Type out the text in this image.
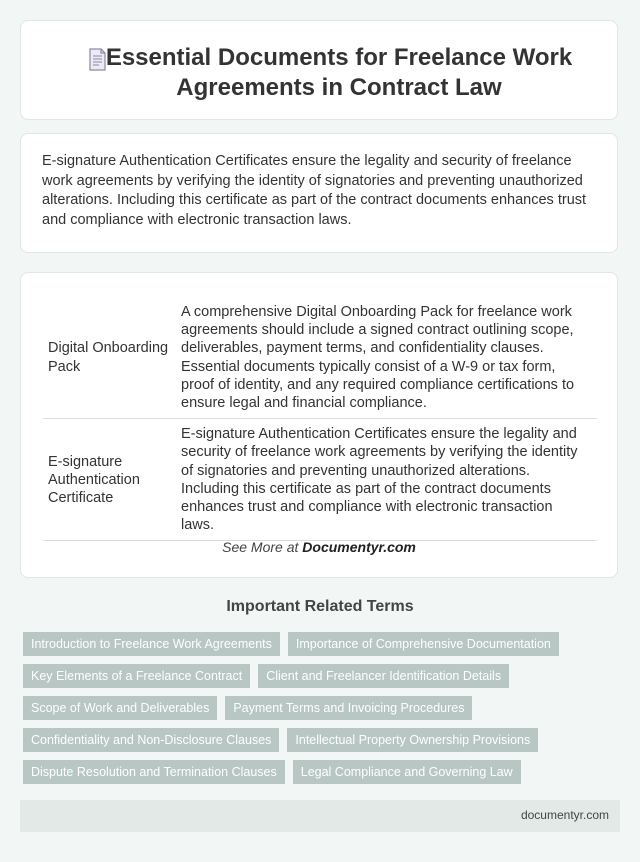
Essential Documents for Freelance Work Agreements in Contract Law

E-signature Authentication Certificates ensure the legality and security of freelance work agreements by verifying the identity of signatories and preventing unauthorized alterations. Including this certificate as part of the contract documents enhances trust and compliance with electronic transaction laws.

Digital Onboarding Pack	A comprehensive Digital Onboarding Pack for freelance work agreements should include a signed contract outlining scope, deliverables, payment terms, and confidentiality clauses. Essential documents typically consist of a W-9 or tax form, proof of identity, and any required compliance certifications to ensure legal and financial compliance.
E-signature Authentication Certificate	E-signature Authentication Certificates ensure the legality and security of freelance work agreements by verifying the identity of signatories and preventing unauthorized alterations. Including this certificate as part of the contract documents enhances trust and compliance with electronic transaction laws.
See More at Documentyr.com
Important Related Terms
Introduction to Freelance Work Agreements	Importance of Comprehensive Documentation
Key Elements of a Freelance Contract	Client and Freelancer Identification Details
Scope of Work and Deliverables	Payment Terms and Invoicing Procedures
Confidentiality and Non-Disclosure Clauses	Intellectual Property Ownership Provisions
Dispute Resolution and Termination Clauses	Legal Compliance and Governing Law
documentyr.com
